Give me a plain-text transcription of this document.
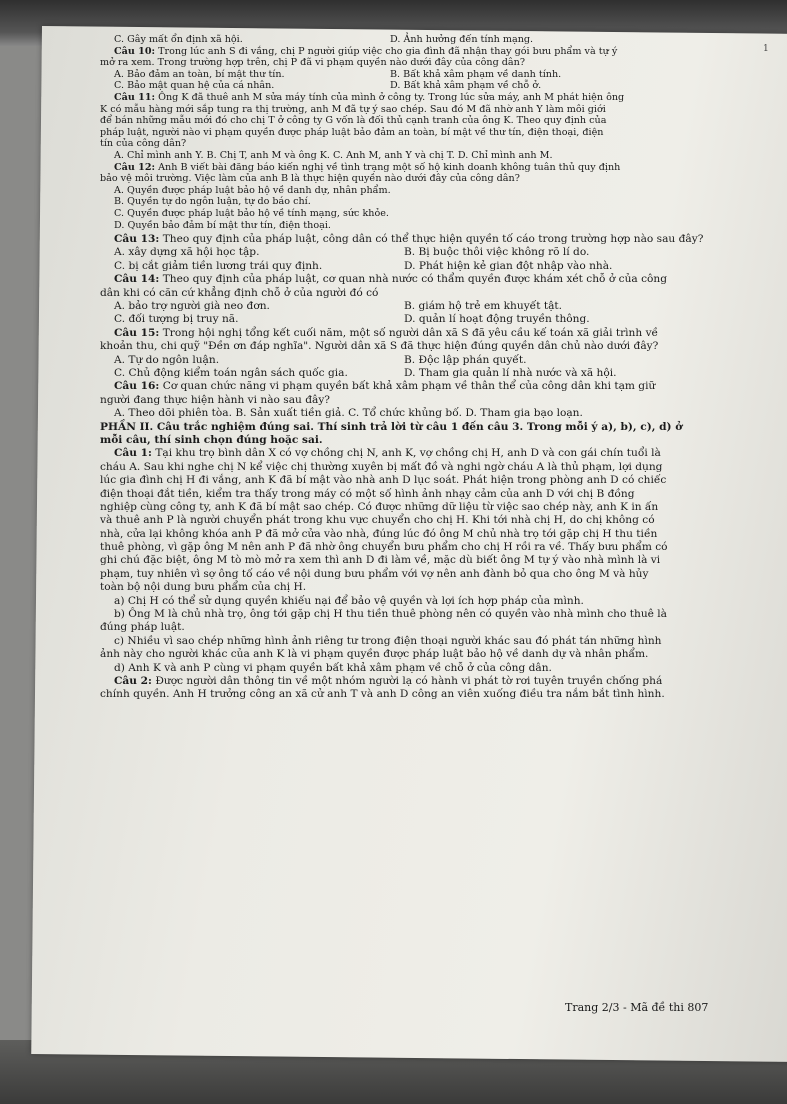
1
C. Gây mất ổn định xã hội.	D. Ảnh hưởng đến tính mạng.
Câu 10: Trong lúc anh S đi vắng, chị P người giúp việc cho gia đình đã nhận thay gói bưu phẩm và tự ý
mở ra xem. Trong trường hợp trên, chị P đã vi phạm quyền nào dưới đây của công dân?
A. Bảo đảm an toàn, bí mật thư tín.	B. Bất khả xâm phạm về danh tính.
C. Bảo mật quan hệ của cá nhân.	D. Bất khả xâm phạm về chỗ ở.
Câu 11: Ông K đã thuê anh M sửa máy tính của mình ở công ty. Trong lúc sửa máy, anh M phát hiện ông
K có mẫu hàng mới sắp tung ra thị trường, anh M đã tự ý sao chép. Sau đó M đã nhờ anh Y làm môi giới
để bán những mẫu mới đó cho chị T ở công ty G vốn là đối thủ cạnh tranh của ông K. Theo quy định của
pháp luật, người nào vi phạm quyền được pháp luật bảo đảm an toàn, bí mật về thư tín, điện thoại, điện
tín của công dân?
A. Chỉ mình anh Y. B. Chị T, anh M và ông K. C. Anh M, anh Y và chị T. D. Chỉ mình anh M.
Câu 12: Anh B viết bài đăng báo kiến nghị về tình trạng một số hộ kinh doanh không tuân thủ quy định
bảo vệ môi trường. Việc làm của anh B là thực hiện quyền nào dưới đây của công dân?
A. Quyền được pháp luật bảo hộ về danh dự, nhân phẩm.
B. Quyền tự do ngôn luận, tự do báo chí.
C. Quyền được pháp luật bảo hộ về tính mạng, sức khỏe.
D. Quyền bảo đảm bí mật thư tín, điện thoại.
Câu 13: Theo quy định của pháp luật, công dân có thể thực hiện quyền tố cáo trong trường hợp nào sau đây?
A. xây dựng xã hội học tập.	B. Bị buộc thôi việc không rõ lí do.
C. bị cắt giảm tiền lương trái quy định.	D. Phát hiện kẻ gian đột nhập vào nhà.
Câu 14: Theo quy định của pháp luật, cơ quan nhà nước có thẩm quyền được khám xét chỗ ở của công
dân khi có căn cứ khẳng định chỗ ở của người đó có
A. bảo trợ người già neo đơn.	B. giám hộ trẻ em khuyết tật.
C. đối tượng bị truy nã.	D. quản lí hoạt động truyền thông.
Câu 15: Trong hội nghị tổng kết cuối năm, một số người dân xã S đã yêu cầu kế toán xã giải trình về
khoản thu, chi quỹ "Đền ơn đáp nghĩa". Người dân xã S đã thực hiện đúng quyền dân chủ nào dưới đây?
A. Tự do ngôn luận.	B. Độc lập phán quyết.
C. Chủ động kiểm toán ngân sách quốc gia.	D. Tham gia quản lí nhà nước và xã hội.
Câu 16: Cơ quan chức năng vi phạm quyền bất khả xâm phạm về thân thể của công dân khi tạm giữ
người đang thực hiện hành vi nào sau đây?
A. Theo dõi phiên tòa. B. Sản xuất tiền giả. C. Tổ chức khủng bố. D. Tham gia bạo loạn.
PHẦN II. Câu trắc nghiệm đúng sai. Thí sinh trả lời từ câu 1 đến câu 3. Trong mỗi ý a), b), c), d) ở
mỗi câu, thí sinh chọn đúng hoặc sai.
Câu 1: Tại khu trọ bình dân X có vợ chồng chị N, anh K, vợ chồng chị H, anh D và con gái chín tuổi là
cháu A. Sau khi nghe chị N kể việc chị thường xuyên bị mất đồ và nghi ngờ cháu A là thủ phạm, lợi dụng
lúc gia đình chị H đi vắng, anh K đã bí mật vào nhà anh D lục soát. Phát hiện trong phòng anh D có chiếc
điện thoại đắt tiền, kiểm tra thấy trong máy có một số hình ảnh nhạy cảm của anh D với chị B đồng
nghiệp cùng công ty, anh K đã bí mật sao chép. Có được những dữ liệu từ việc sao chép này, anh K in ấn
và thuê anh P là người chuyển phát trong khu vực chuyển cho chị H. Khi tới nhà chị H, do chị không có
nhà, cửa lại không khóa anh P đã mở cửa vào nhà, đúng lúc đó ông M chủ nhà trọ tới gặp chị H thu tiền
thuê phòng, vì gặp ông M nên anh P đã nhờ ông chuyển bưu phẩm cho chị H rồi ra về. Thấy bưu phẩm có
ghi chú đặc biệt, ông M tò mò mở ra xem thì anh D đi làm về, mặc dù biết ông M tự ý vào nhà mình là vi
phạm, tuy nhiên vì sợ ông tố cáo về nội dung bưu phẩm với vợ nên anh đành bỏ qua cho ông M và hủy
toàn bộ nội dung bưu phẩm của chị H.
a) Chị H có thể sử dụng quyền khiếu nại để bảo vệ quyền và lợi ích hợp pháp của mình.
b) Ông M là chủ nhà trọ, ông tới gặp chị H thu tiền thuê phòng nên có quyền vào nhà mình cho thuê là
đúng pháp luật.
c) Nhiều vì sao chép những hình ảnh riêng tư trong điện thoại người khác sau đó phát tán những hình
ảnh này cho người khác của anh K là vi phạm quyền được pháp luật bảo hộ về danh dự và nhân phẩm.
d) Anh K và anh P cùng vi phạm quyền bất khả xâm phạm về chỗ ở của công dân.
Câu 2: Được người dân thông tin về một nhóm người lạ có hành vi phát tờ rơi tuyên truyền chống phá
chính quyền. Anh H trưởng công an xã cử anh T và anh D công an viên xuống điều tra nắm bắt tình hình.
Trang 2/3 - Mã đề thi 807
